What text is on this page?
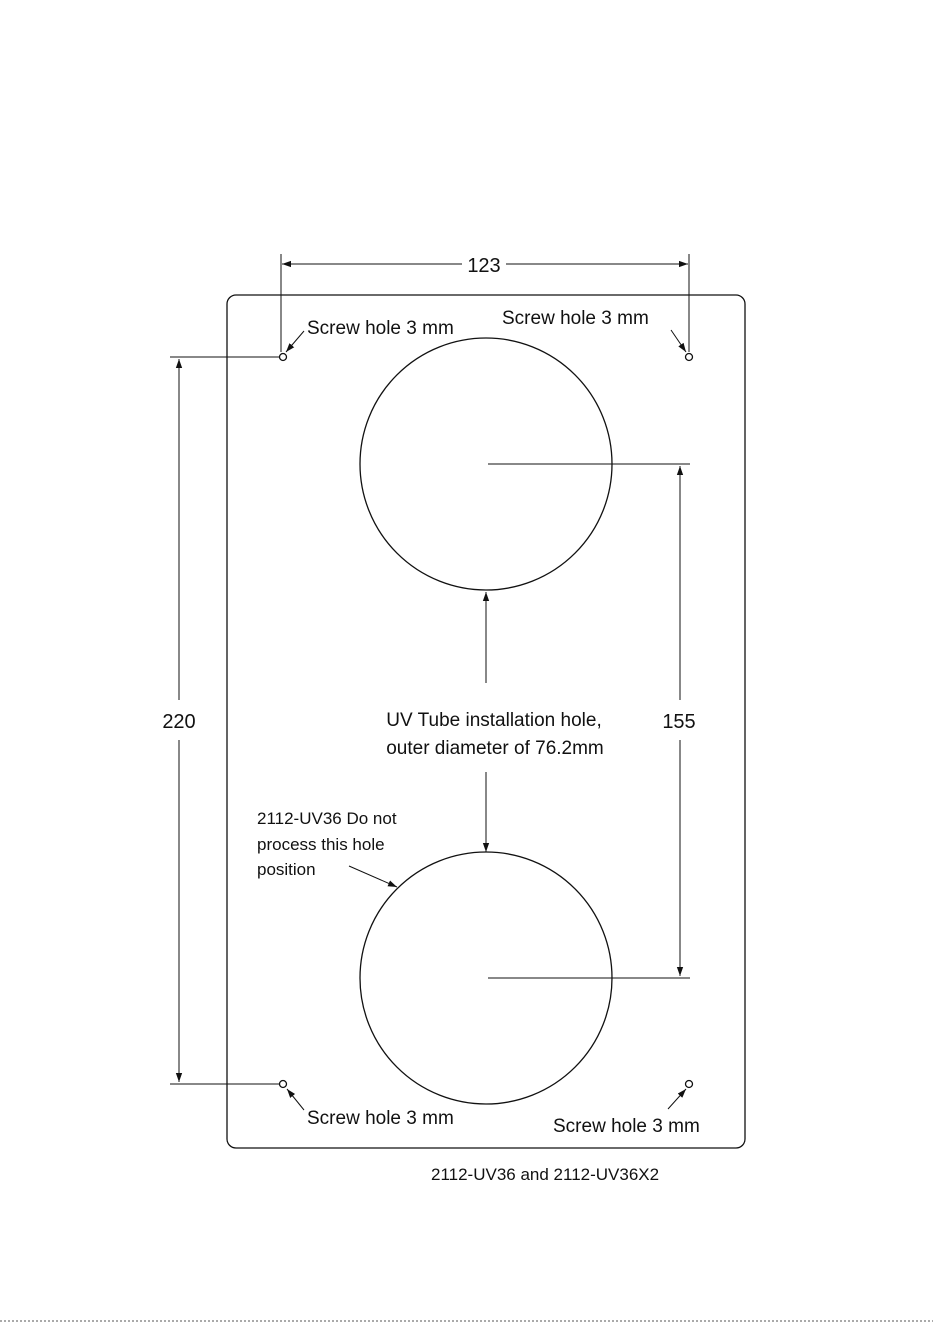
123
220	155
UV Tube installation hole,
outer diameter of 76.2mm
2112-UV36 Do not
process this hole
position
Screw hole 3 mm	Screw hole 3 mm
Screw hole 3 mm	Screw hole 3 mm
2112-UV36 and 2112-UV36X2
